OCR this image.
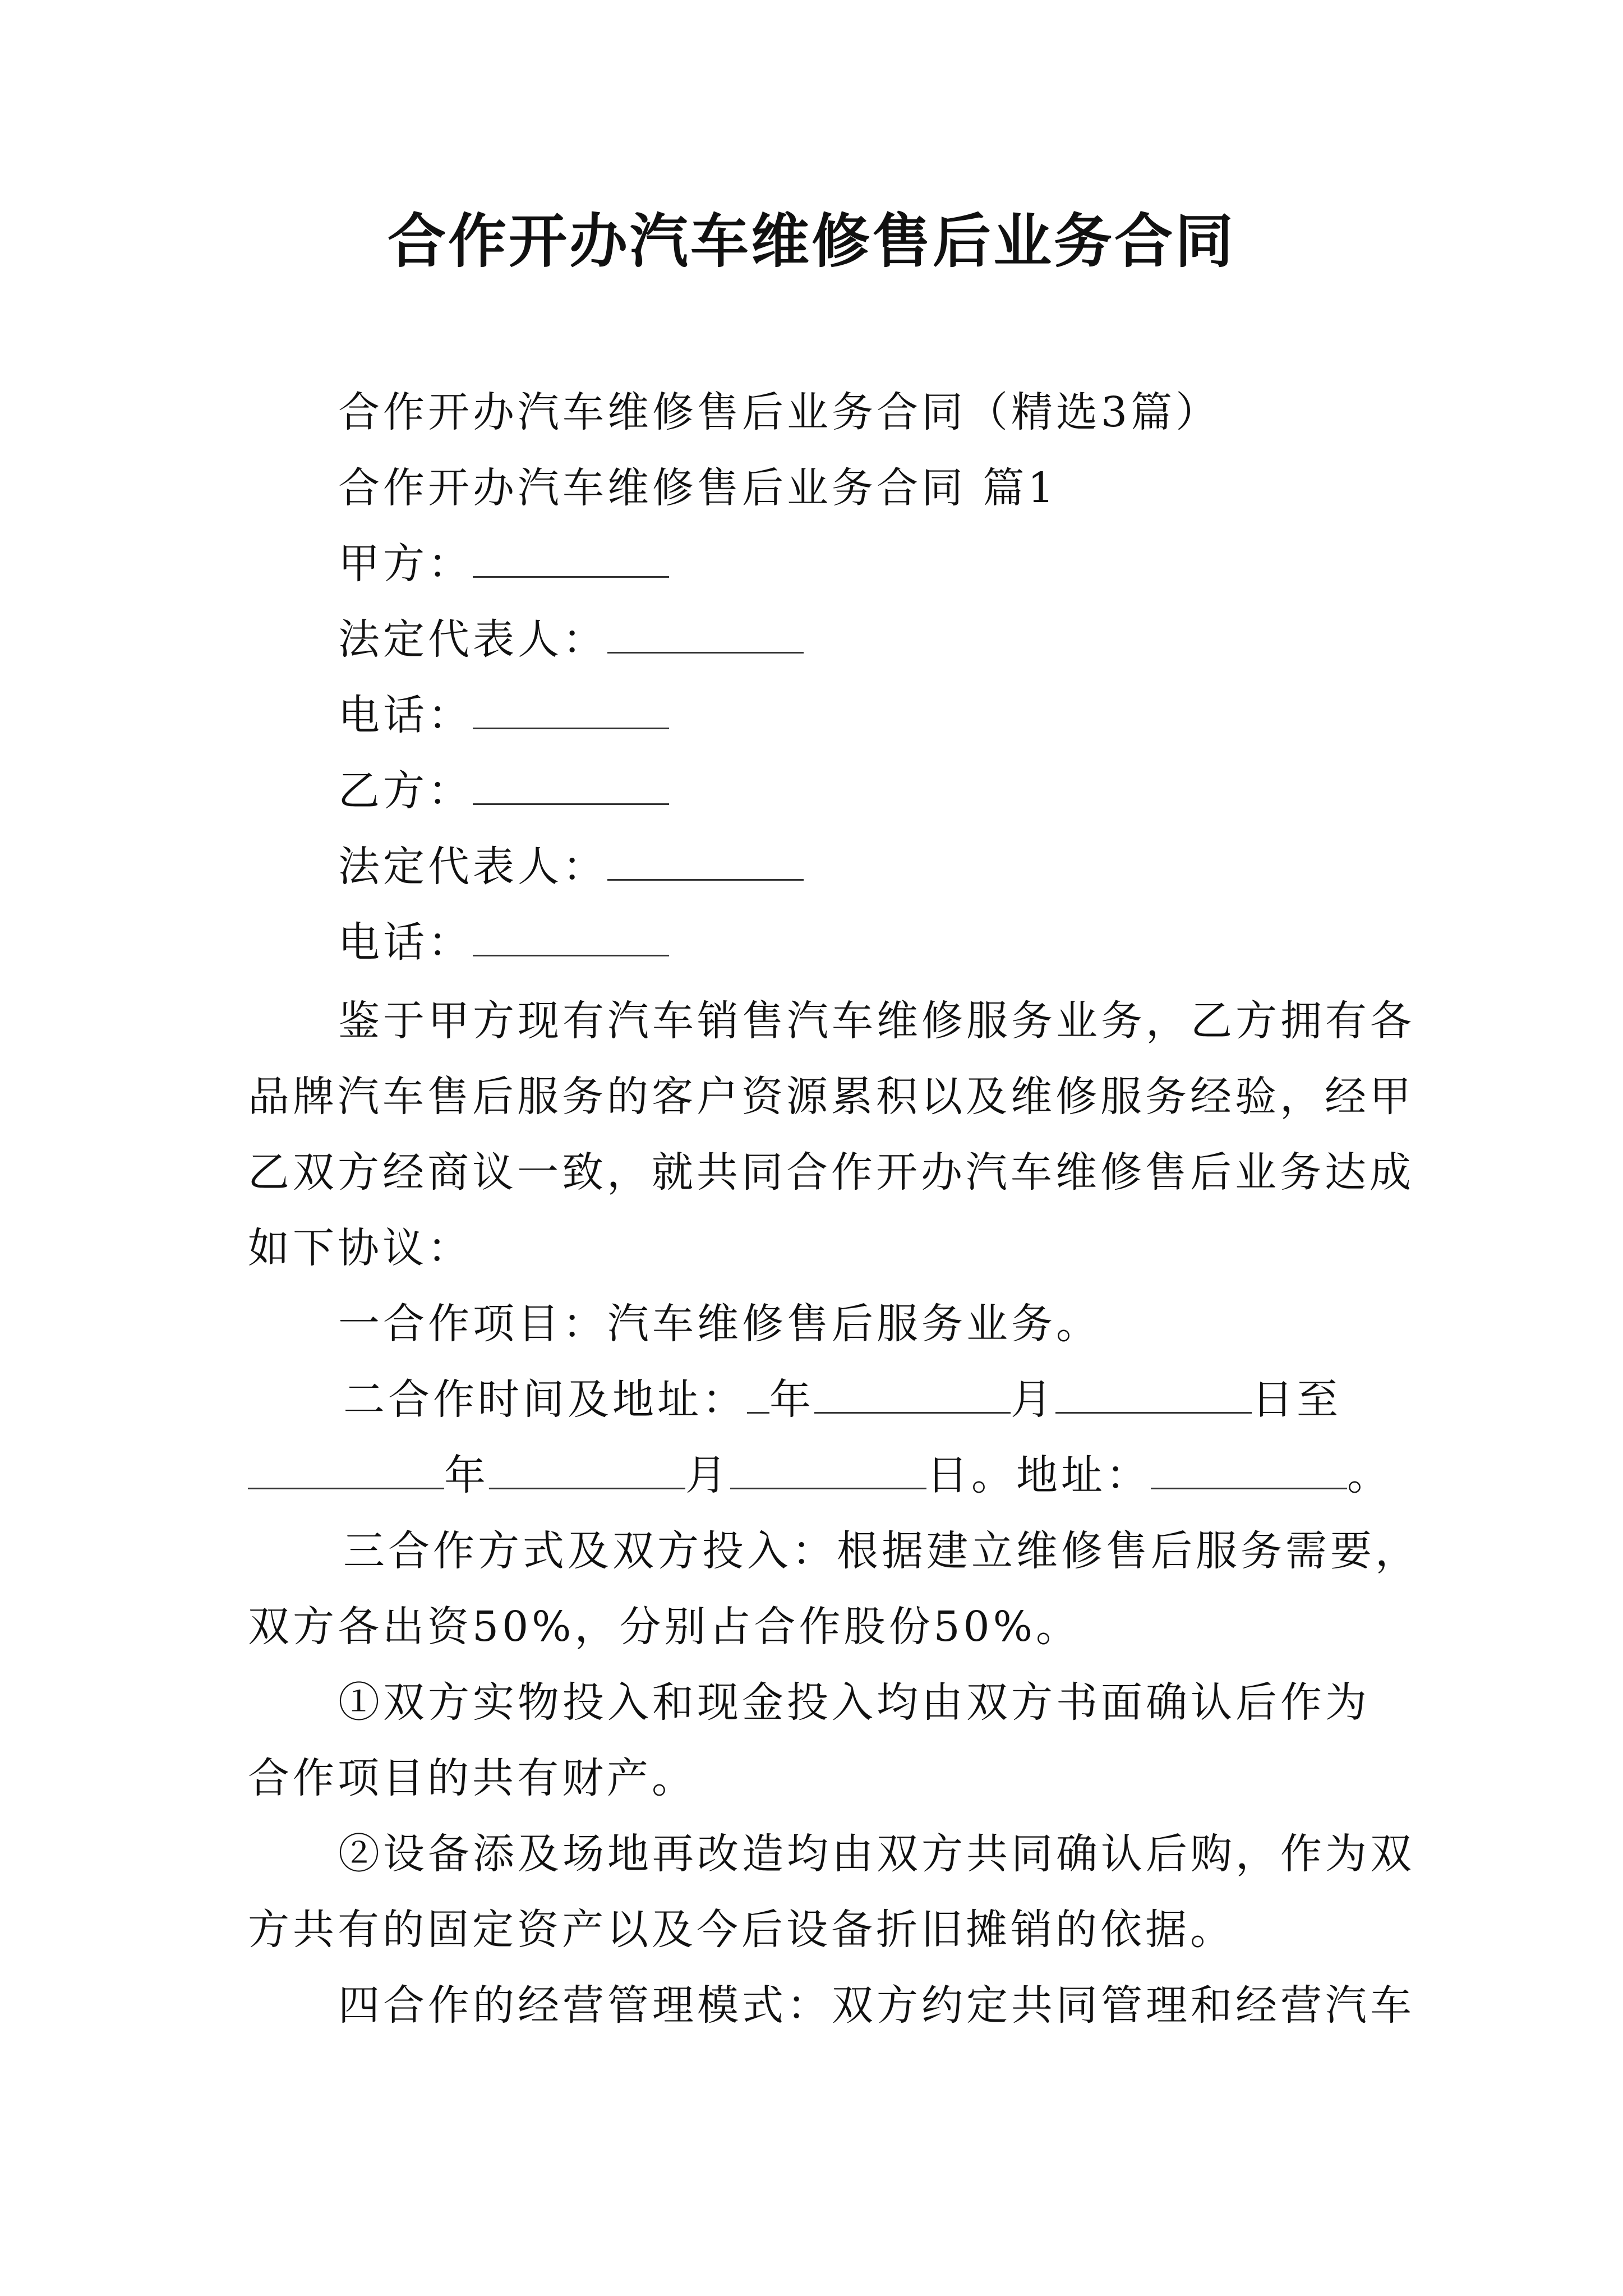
合作开办汽车维修售后业务合同
合作开办汽车维修售后业务合同（精选3篇）
合作开办汽车维修售后业务合同 篇1
甲方：
法定代表人：
电话：
乙方：
法定代表人：
电话：
鉴于甲方现有汽车销售汽车维修服务业务，乙方拥有各
品牌汽车售后服务的客户资源累积以及维修服务经验，经甲
乙双方经商议一致，就共同合作开办汽车维修售后业务达成
如下协议：
一合作项目：汽车维修售后服务业务。
二合作时间及地址： 年	月	日至
年	月	日。地址：	。
三合作方式及双方投入：根据建立维修售后服务需要，
双方各出资50%，分别占合作股份50%。
①双方实物投入和现金投入均由双方书面确认后作为
合作项目的共有财产。
②设备添及场地再改造均由双方共同确认后购，作为双
方共有的固定资产以及今后设备折旧摊销的依据。
四合作的经营管理模式：双方约定共同管理和经营汽车
